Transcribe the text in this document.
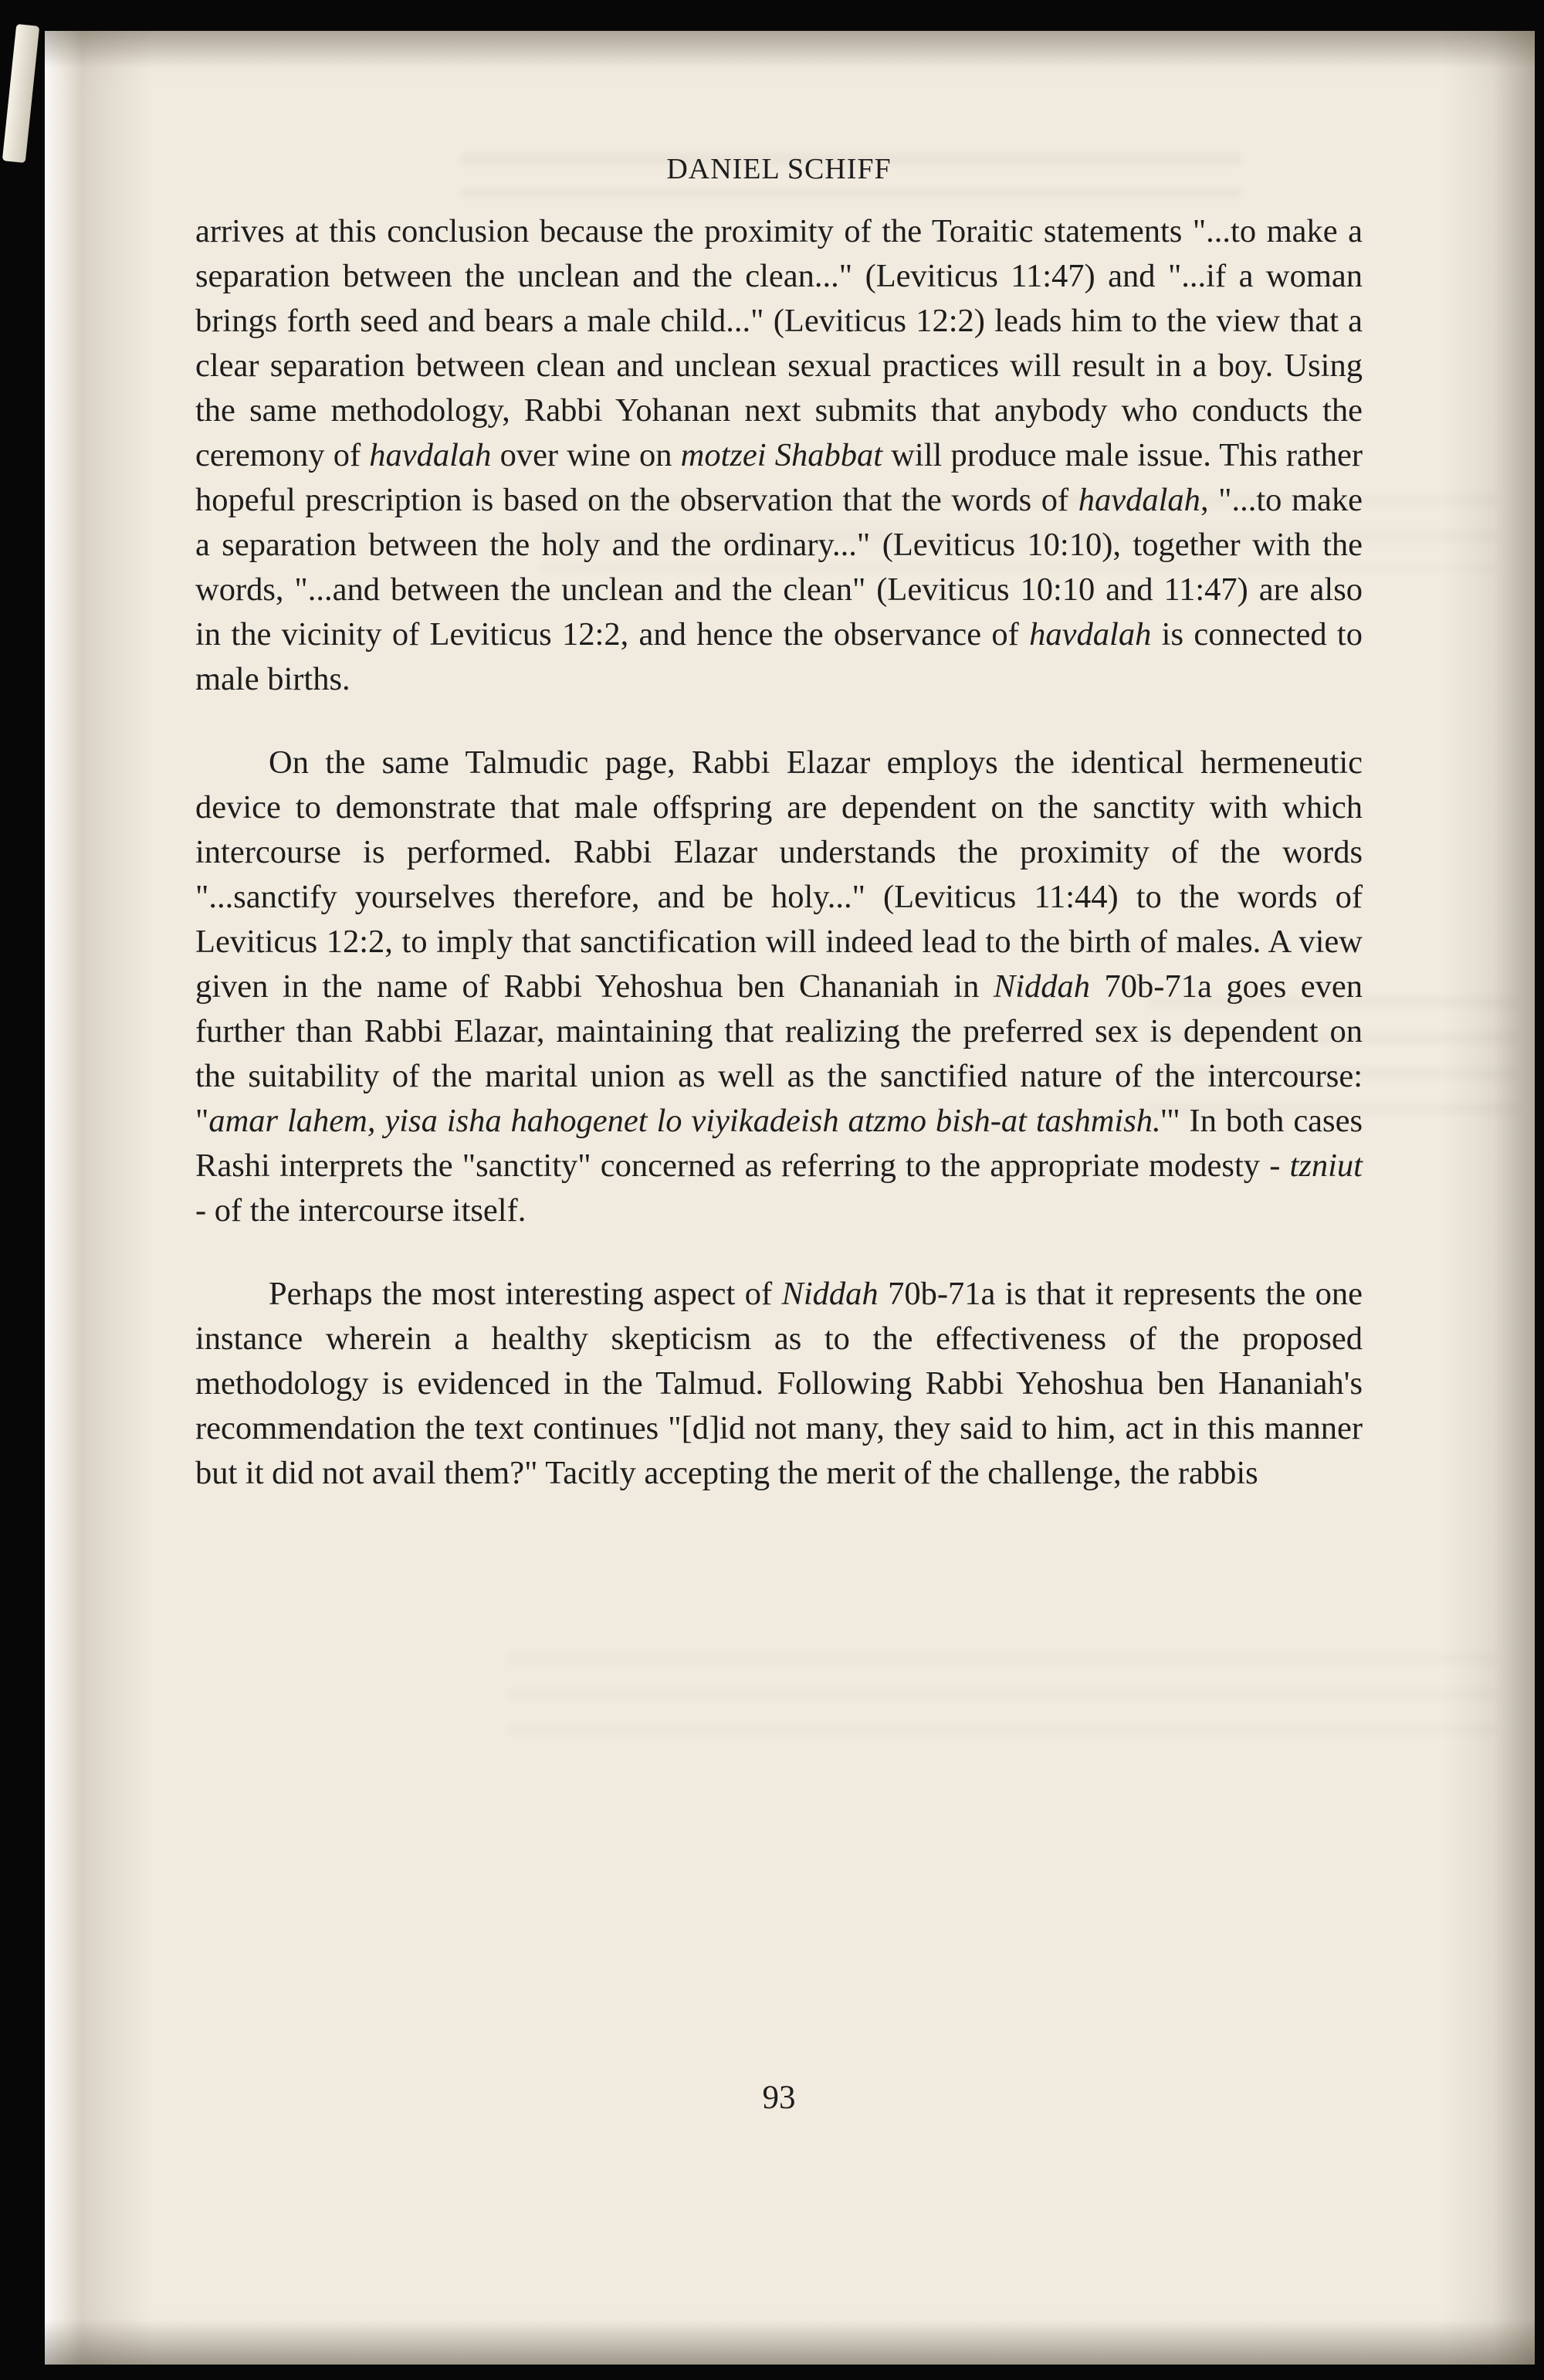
DANIEL SCHIFF

arrives at this conclusion because the proximity of the Toraitic statements "...to make a separation between the unclean and the clean..." (Leviticus 11:47) and "...if a woman brings forth seed and bears a male child..." (Leviticus 12:2) leads him to the view that a clear separation between clean and unclean sexual practices will result in a boy. Using the same methodology, Rabbi Yohanan next submits that anybody who conducts the ceremony of havdalah over wine on motzei Shabbat will produce male issue. This rather hopeful prescription is based on the observation that the words of havdalah, "...to make a separation between the holy and the ordinary..." (Leviticus 10:10), together with the words, "...and between the unclean and the clean" (Leviticus 10:10 and 11:47) are also in the vicinity of Leviticus 12:2, and hence the observance of havdalah is connected to male births.

On the same Talmudic page, Rabbi Elazar employs the identical hermeneutic device to demonstrate that male offspring are dependent on the sanctity with which intercourse is performed. Rabbi Elazar understands the proximity of the words "...sanctify yourselves therefore, and be holy..." (Leviticus 11:44) to the words of Leviticus 12:2, to imply that sanctification will indeed lead to the birth of males. A view given in the name of Rabbi Yehoshua ben Chananiah in Niddah 70b-71a goes even further than Rabbi Elazar, maintaining that realizing the preferred sex is dependent on the suitability of the marital union as well as the sanctified nature of the intercourse: "amar lahem, yisa isha hahogenet lo viyikadeish atzmo bish-at tashmish.'" In both cases Rashi interprets the "sanctity" concerned as referring to the appropriate modesty - tzniut - of the intercourse itself.

Perhaps the most interesting aspect of Niddah 70b-71a is that it represents the one instance wherein a healthy skepticism as to the effectiveness of the proposed methodology is evidenced in the Talmud. Following Rabbi Yehoshua ben Hananiah's recommendation the text continues "[d]id not many, they said to him, act in this manner but it did not avail them?" Tacitly accepting the merit of the challenge, the rabbis

93
